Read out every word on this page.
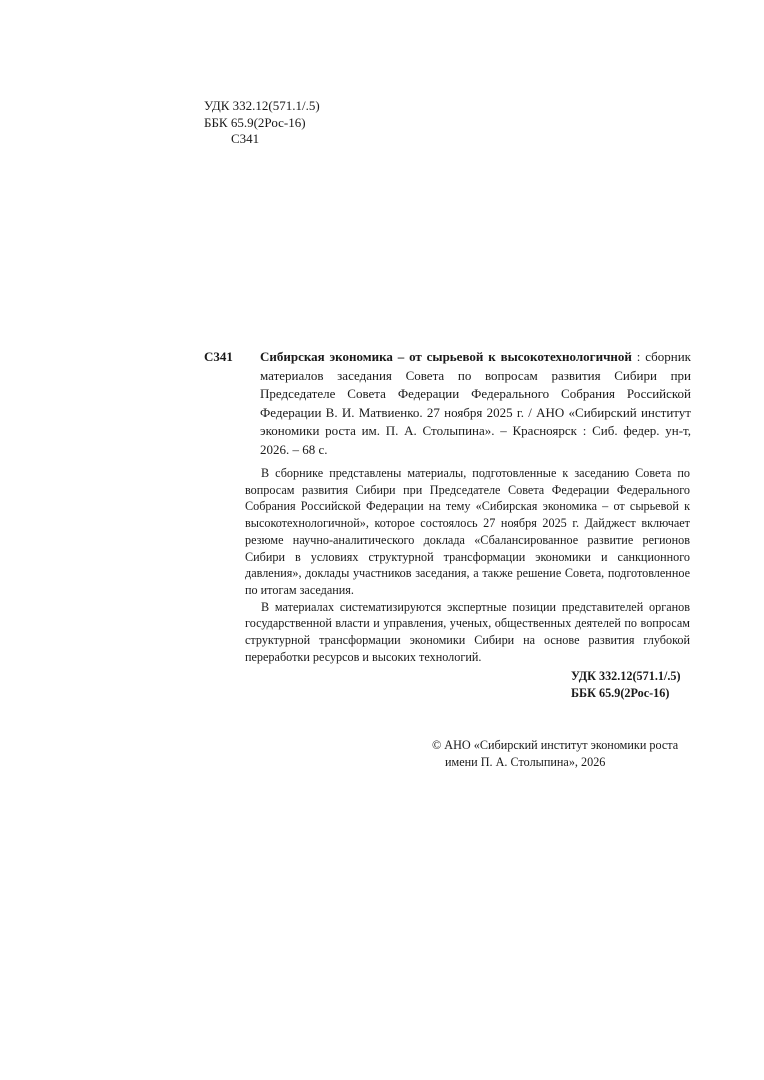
УДК 332.12(571.1/.5)
ББК 65.9(2Рос-16)
С341
С341 Сибирская экономика – от сырьевой к высокотехнологичной : сборник материалов заседания Совета по вопросам развития Сибири при Председателе Совета Федерации Федерального Собрания Российской Федерации В. И. Матвиенко. 27 ноября 2025 г. / АНО «Сибирский институт экономики роста им. П. А. Столыпина». – Красноярск : Сиб. федер. ун-т, 2026. – 68 с.

В сборнике представлены материалы, подготовленные к заседанию Совета по вопросам развития Сибири при Председателе Совета Федерации Федерального Собрания Российской Федерации на тему «Сибирская экономика – от сырьевой к высокотехнологичной», которое состоялось 27 ноября 2025 г. Дайджест включает резюме научно-аналитического доклада «Сбалансированное развитие регионов Сибири в условиях структурной трансформации экономики и санкционного давления», доклады участников заседания, а также решение Совета, подготовленное по итогам заседания.

В материалах систематизируются экспертные позиции представителей органов государственной власти и управления, ученых, общественных деятелей по вопросам структурной трансформации экономики Сибири на основе развития глубокой переработки ресурсов и высоких технологий.

УДК 332.12(571.1/.5)
ББК 65.9(2Рос-16)
© АНО «Сибирский институт экономики роста
имени П. А. Столыпина», 2026
